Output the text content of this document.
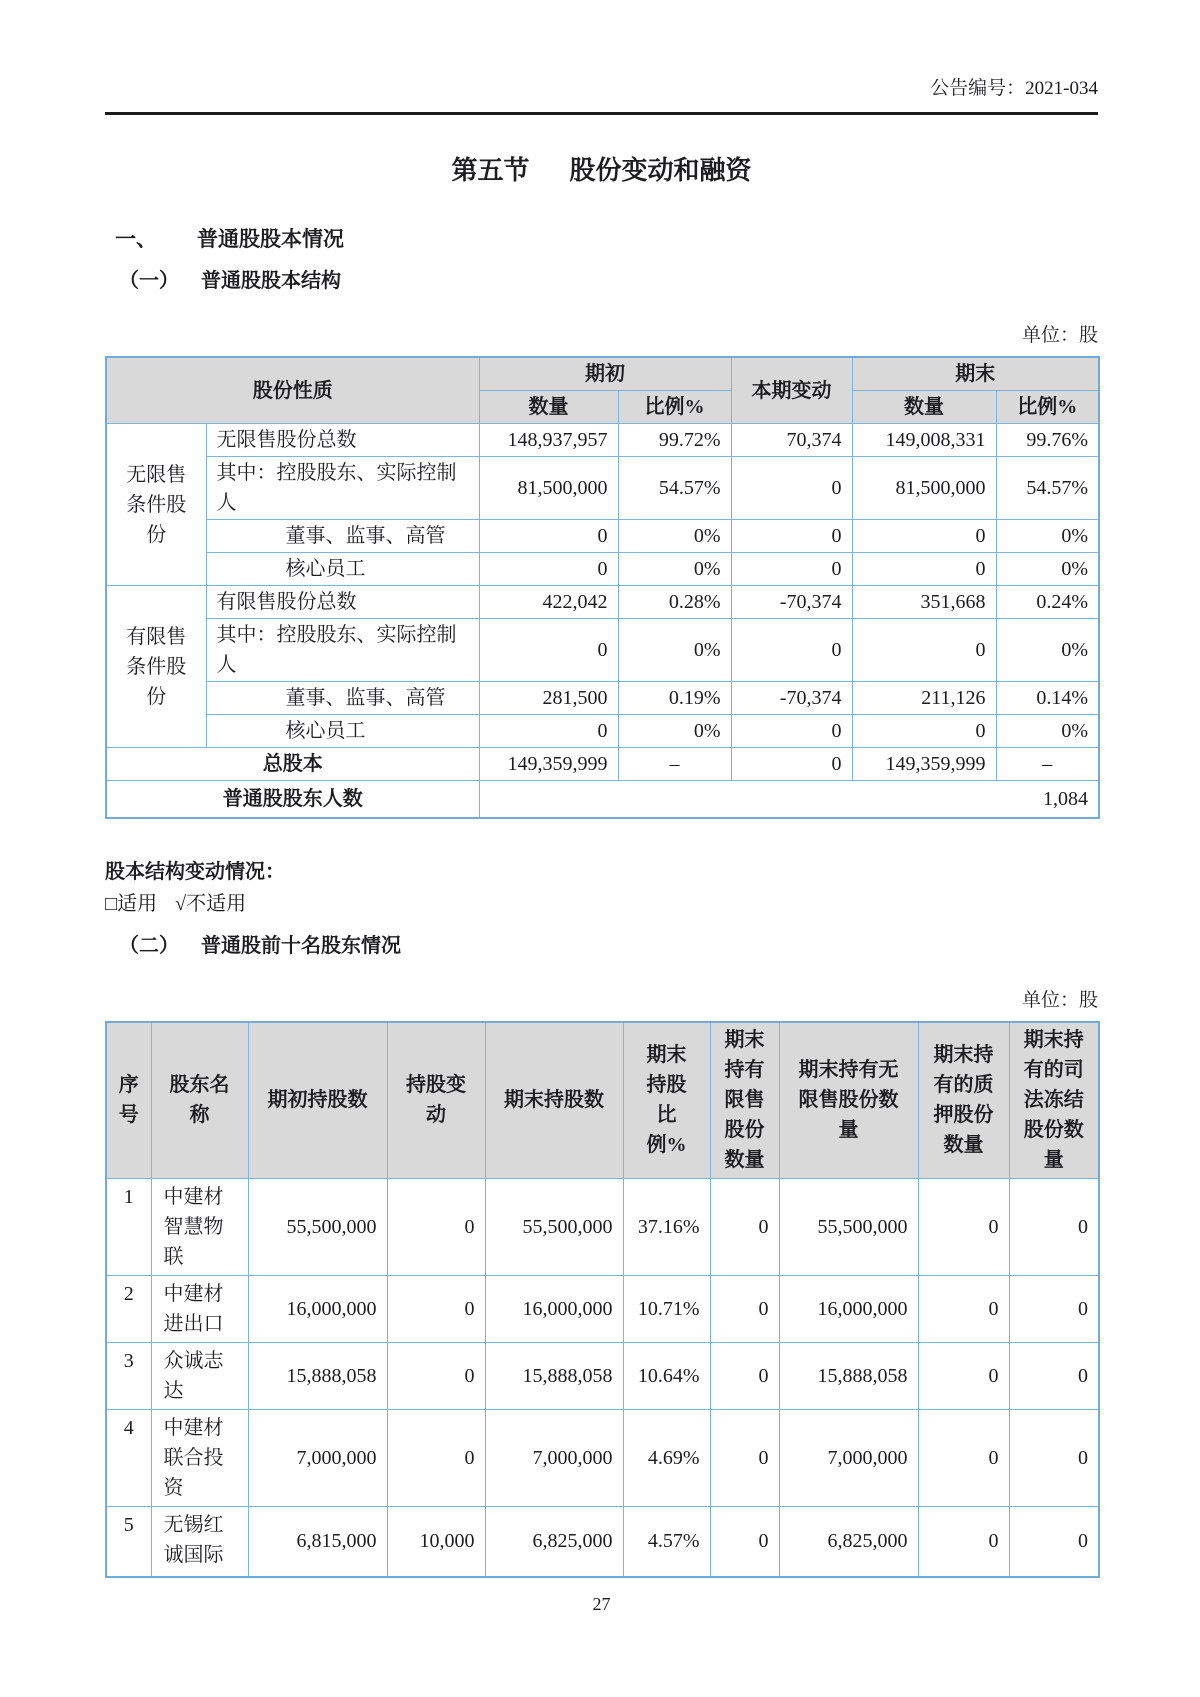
公告编号：2021-034
第五节 股份变动和融资
一、 普通股股本情况
（一） 普通股股本结构
单位：股
股份性质		期初		本期变动	期末	
		数量	比例%		数量	比例%
无限售条件股份	无限售股份总数	148,937,957	99.72%	70,374	149,008,331	99.76%
	其中：控股股东、实际控制人	81,500,000	54.57%	0	81,500,000	54.57%
	董事、监事、高管	0	0%	0	0	0%
	核心员工	0	0%	0	0	0%
有限售条件股份	有限售股份总数	422,042	0.28%	-70,374	351,668	0.24%
	其中：控股股东、实际控制人	0	0%	0	0	0%
	董事、监事、高管	281,500	0.19%	-70,374	211,126	0.14%
	核心员工	0	0%	0	0	0%
总股本		149,359,999	–	0	149,359,999	–
普通股股东人数		1,084				
股本结构变动情况：
□适用 √不适用
（二） 普通股前十名股东情况
单位：股
序号	股东名称	期初持股数	持股变动	期末持股数	期末持股比例%	期末持有限售股份数量	期末持有无限售股份数量	期末持有的质押股份数量	期末持有的司法冻结股份数量
1	中建材智慧物联	55,500,000	0	55,500,000	37.16%	0	55,500,000	0	0
2	中建材进出口	16,000,000	0	16,000,000	10.71%	0	16,000,000	0	0
3	众诚志达	15,888,058	0	15,888,058	10.64%	0	15,888,058	0	0
4	中建材联合投资	7,000,000	0	7,000,000	4.69%	0	7,000,000	0	0
5	无锡红诚国际	6,815,000	10,000	6,825,000	4.57%	0	6,825,000	0	0
27
